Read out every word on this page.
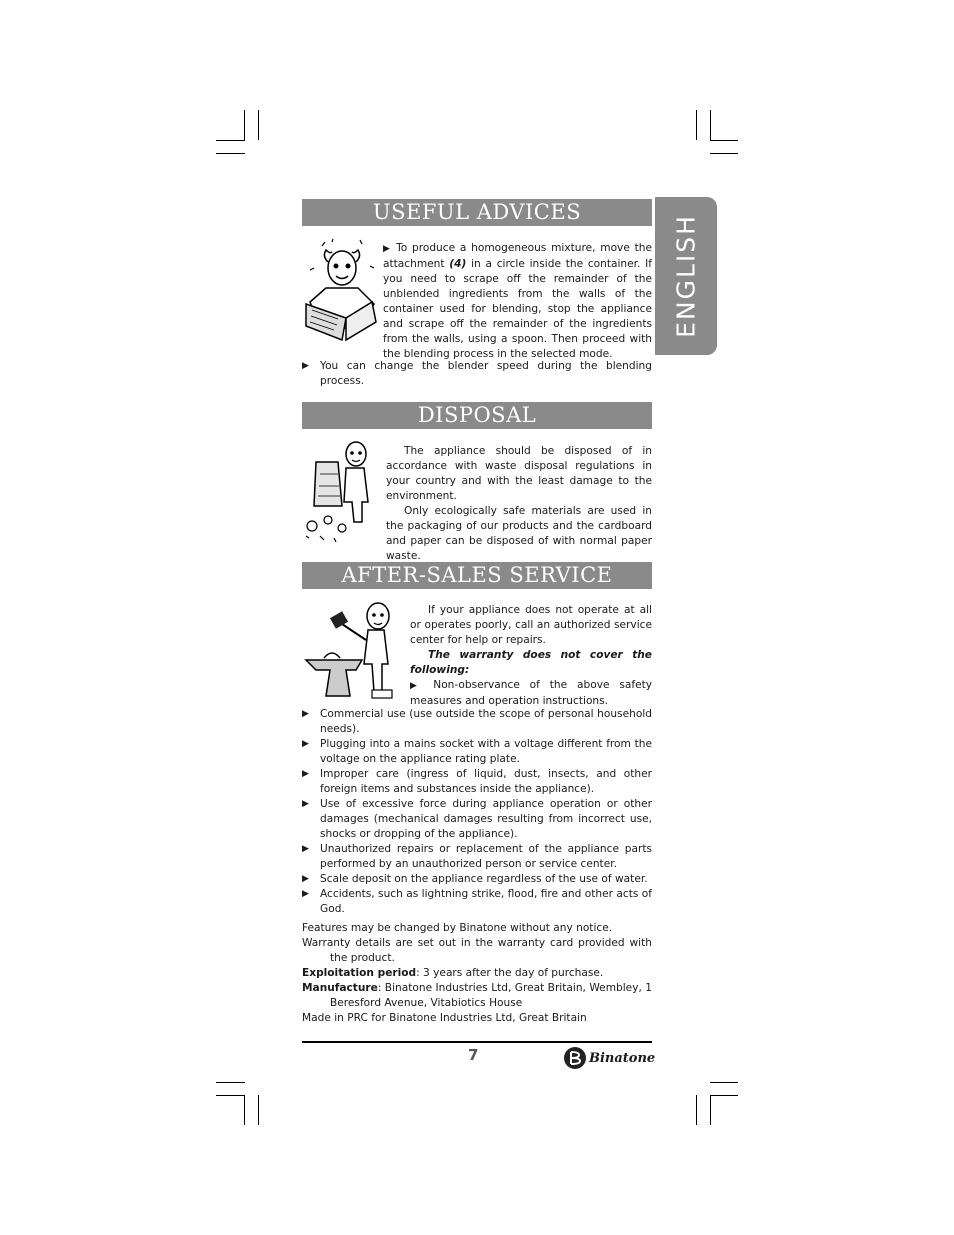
ENGLISH
USEFUL ADVICES

▶ To produce a homogeneous mixture, move the attachment (4) in a circle inside the container. If you need to scrape off the remainder of the unblended ingredients from the walls of the container used for blending, stop the appliance and scrape off the remainder of the ingredients from the walls, using a spoon. Then proceed with the blending process in the selected mode.

▶ You can change the blender speed during the blending process.

DISPOSAL

The appliance should be disposed of in accordance with waste disposal regulations in your country and with the least damage to the environment.

Only ecologically safe materials are used in the packaging of our products and the cardboard and paper can be disposed of with normal paper waste.

AFTER-SALES SERVICE

If your appliance does not operate at all or operates poorly, call an authorized service center for help or repairs.

The warranty does not cover the following:

▶ Non-observance of the above safety measures and operation instructions.

▶ Commercial use (use outside the scope of personal household needs).

▶ Plugging into a mains socket with a voltage different from the voltage on the appliance rating plate.

▶ Improper care (ingress of liquid, dust, insects, and other foreign items and substances inside the appliance).

▶ Use of excessive force during appliance operation or other damages (mechanical damages resulting from incorrect use, shocks or dropping of the appliance).

▶ Unauthorized repairs or replacement of the appliance parts performed by an unauthorized person or service center.

▶ Scale deposit on the appliance regardless of the use of water.

▶ Accidents, such as lightning strike, flood, fire and other acts of God.

Features may be changed by Binatone without any notice.

Warranty details are set out in the warranty card provided with the product.

Exploitation period: 3 years after the day of purchase.

Manufacture: Binatone Industries Ltd, Great Britain, Wembley, 1 Beresford Avenue, Vitabiotics House

Made in PRC for Binatone Industries Ltd, Great Britain

7	Binatone
